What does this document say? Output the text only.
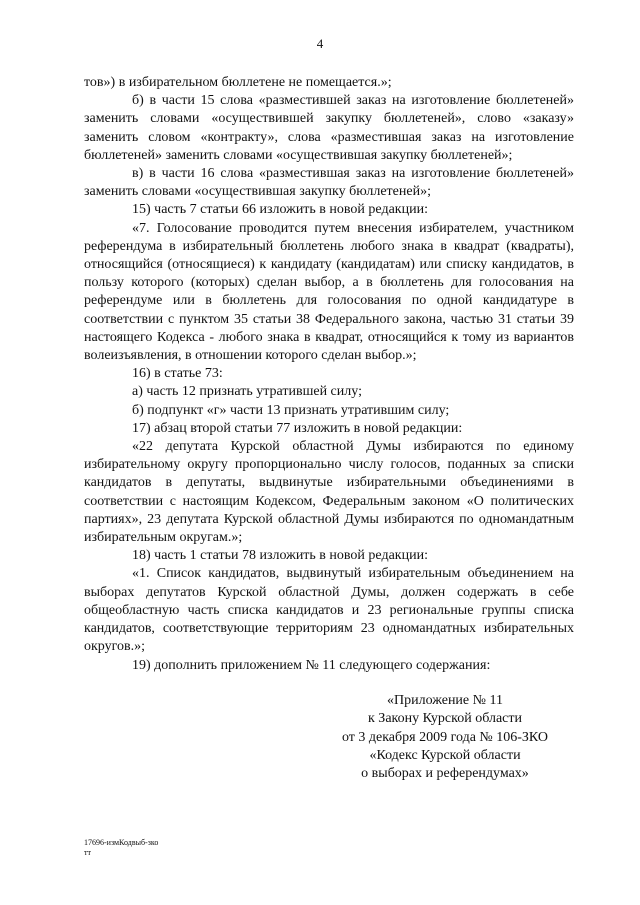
4

тов») в избирательном бюллетене не помещается.»;

б) в части 15 слова «разместившей заказ на изготовление бюллетеней» заменить словами «осуществившей закупку бюллетеней», слово «заказу» заменить словом «контракту», слова «разместившая заказ на изготовление бюллетеней» заменить словами «осуществившая закупку бюллетеней»;

в) в части 16 слова «разместившая заказ на изготовление бюллетеней» заменить словами «осуществившая закупку бюллетеней»;

15) часть 7 статьи 66 изложить в новой редакции:

«7. Голосование проводится путем внесения избирателем, участником референдума в избирательный бюллетень любого знака в квадрат (квадраты), относящийся (относящиеся) к кандидату (кандидатам) или списку кандидатов, в пользу которого (которых) сделан выбор, а в бюллетень для голосования на референдуме или в бюллетень для голосования по одной кандидатуре в соответствии с пунктом 35 статьи 38 Федерального закона, частью 31 статьи 39 настоящего Кодекса - любого знака в квадрат, относящийся к тому из вариантов волеизъявления, в отношении которого сделан выбор.»;

16) в статье 73:

а) часть 12 признать утратившей силу;

б) подпункт «г» части 13 признать утратившим силу;

17) абзац второй статьи 77 изложить в новой редакции:

«22 депутата Курской областной Думы избираются по единому избирательному округу пропорционально числу голосов, поданных за списки кандидатов в депутаты, выдвинутые избирательными объединениями в соответствии с настоящим Кодексом, Федеральным законом «О политических партиях», 23 депутата Курской областной Думы избираются по одномандатным избирательным округам.»;

18) часть 1 статьи 78 изложить в новой редакции:

«1. Список кандидатов, выдвинутый избирательным объединением на выборах депутатов Курской областной Думы, должен содержать в себе общеобластную часть списка кандидатов и 23 региональные группы списка кандидатов, соответствующие территориям 23 одномандатных избирательных округов.»;

19) дополнить приложением № 11 следующего содержания:

«Приложение № 11
к Закону Курской области
от 3 декабря 2009 года № 106-ЗКО
«Кодекс Курской области
о выборах и референдумах»
17696-измКодвыб-зко
тт
